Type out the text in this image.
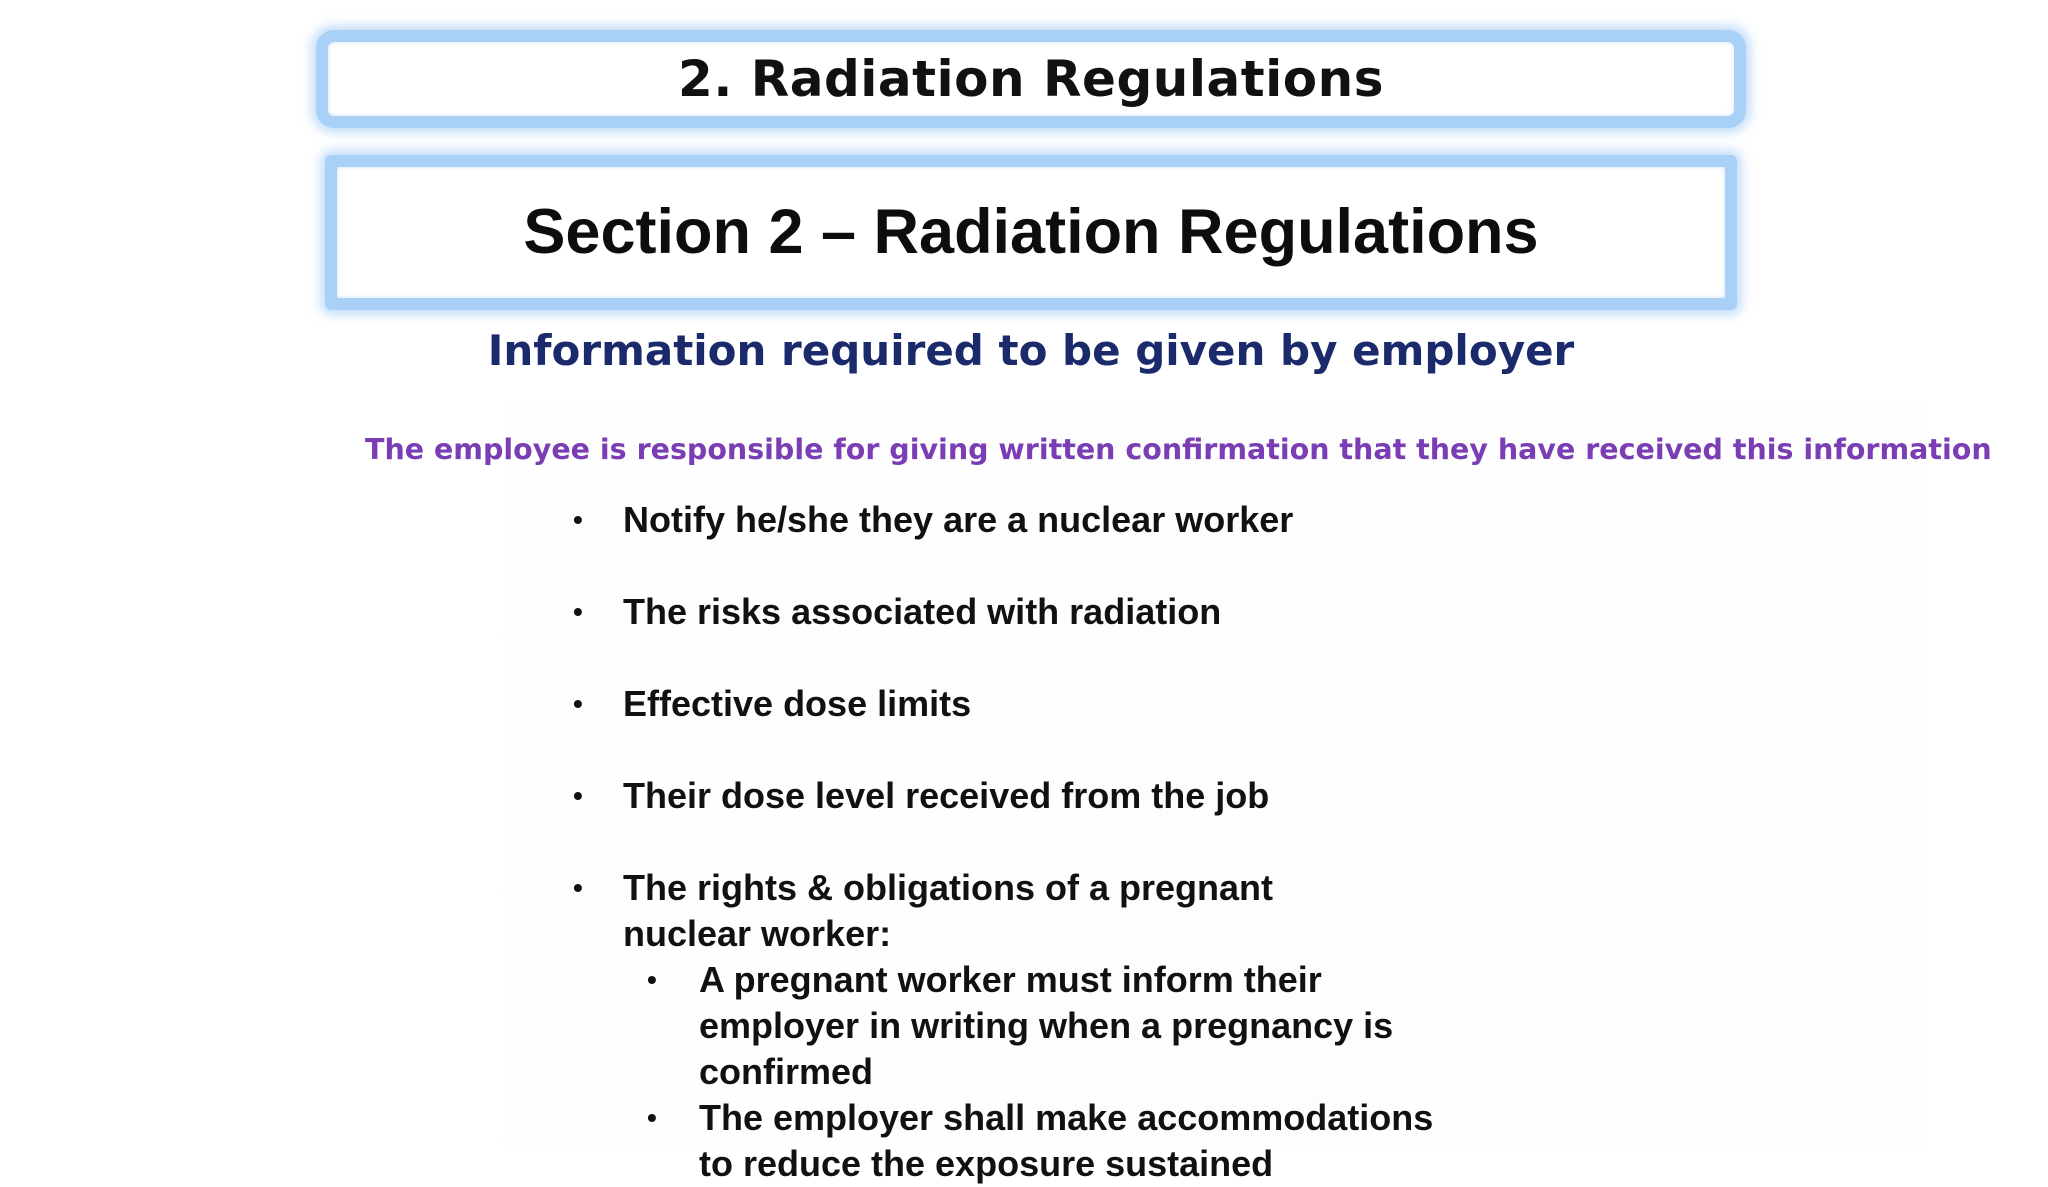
2. Radiation Regulations
Section 2 – Radiation Regulations
Information required to be given by employer
The employee is responsible for giving written confirmation that they have received this information
• Notify he/she they are a nuclear worker
• The risks associated with radiation
• Effective dose limits
• Their dose level received from the job
• The rights & obligations of a pregnant nuclear worker:
• A pregnant worker must inform their employer in writing when a pregnancy is confirmed
• The employer shall make accommodations to reduce the exposure sustained
